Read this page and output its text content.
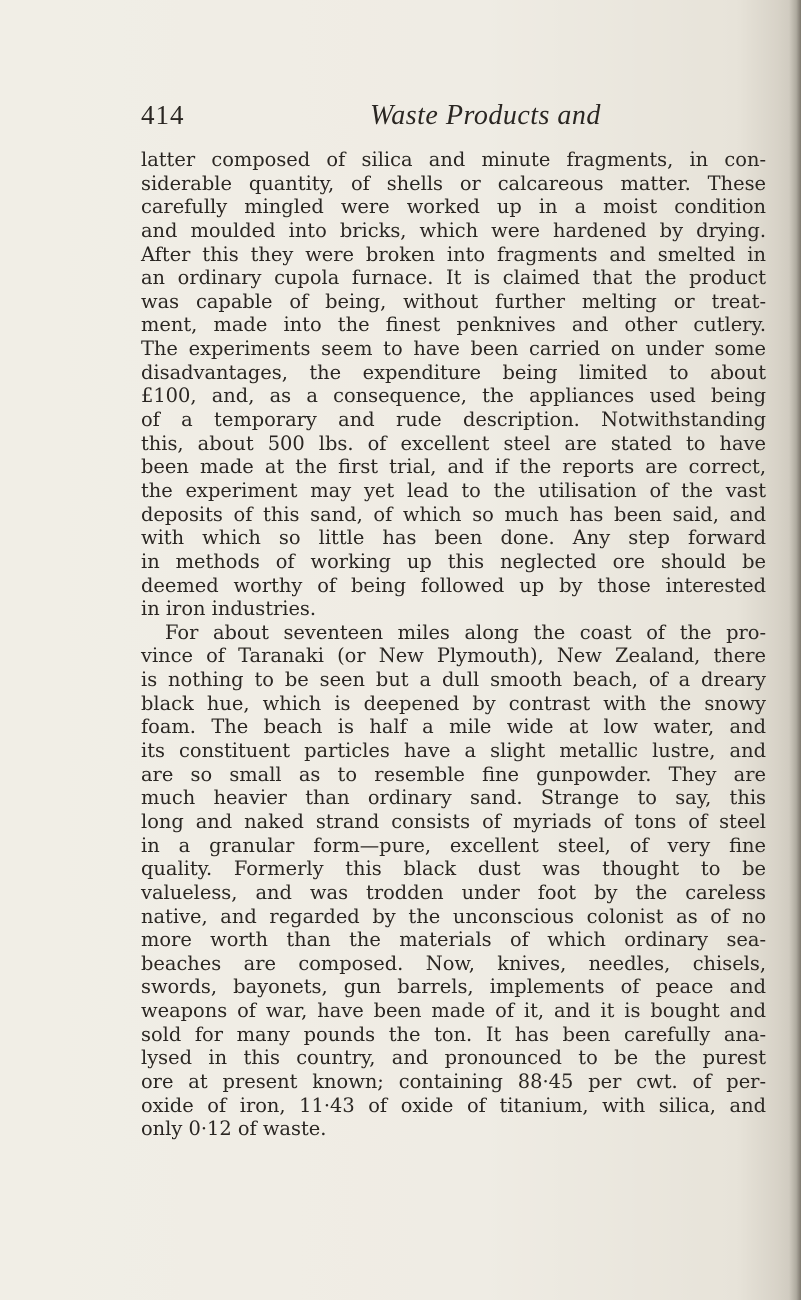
414	Waste Products and
latter composed of silica and minute fragments, in con-
siderable quantity, of shells or calcareous matter. These
carefully mingled were worked up in a moist condition
and moulded into bricks, which were hardened by drying.
After this they were broken into fragments and smelted in
an ordinary cupola furnace. It is claimed that the product
was capable of being, without further melting or treat-
ment, made into the finest penknives and other cutlery.
The experiments seem to have been carried on under some
disadvantages, the expenditure being limited to about
£100, and, as a consequence, the appliances used being
of a temporary and rude description. Notwithstanding
this, about 500 lbs. of excellent steel are stated to have
been made at the first trial, and if the reports are correct,
the experiment may yet lead to the utilisation of the vast
deposits of this sand, of which so much has been said, and
with which so little has been done. Any step forward
in methods of working up this neglected ore should be
deemed worthy of being followed up by those interested
in iron industries.
For about seventeen miles along the coast of the pro-
vince of Taranaki (or New Plymouth), New Zealand, there
is nothing to be seen but a dull smooth beach, of a dreary
black hue, which is deepened by contrast with the snowy
foam. The beach is half a mile wide at low water, and
its constituent particles have a slight metallic lustre, and
are so small as to resemble fine gunpowder. They are
much heavier than ordinary sand. Strange to say, this
long and naked strand consists of myriads of tons of steel
in a granular form—pure, excellent steel, of very fine
quality. Formerly this black dust was thought to be
valueless, and was trodden under foot by the careless
native, and regarded by the unconscious colonist as of no
more worth than the materials of which ordinary sea-
beaches are composed. Now, knives, needles, chisels,
swords, bayonets, gun barrels, implements of peace and
weapons of war, have been made of it, and it is bought and
sold for many pounds the ton. It has been carefully ana-
lysed in this country, and pronounced to be the purest
ore at present known; containing 88·45 per cwt. of per-
oxide of iron, 11·43 of oxide of titanium, with silica, and
only 0·12 of waste.
